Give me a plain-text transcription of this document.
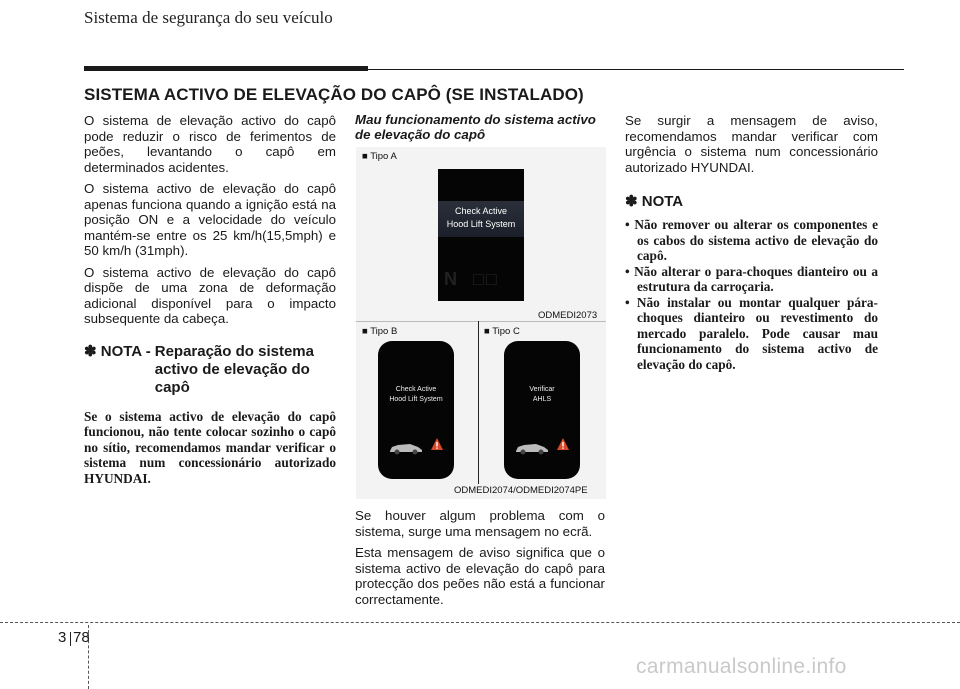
Sistema de segurança do seu veículo
SISTEMA ACTIVO DE ELEVAÇÃO DO CAPÔ (SE INSTALADO)

O sistema de elevação activo do capô pode reduzir o risco de ferimentos de peões, levantando o capô em determinados acidentes.

O sistema activo de elevação do capô apenas funciona quando a ignição está na posição ON e a velocidade do veículo mantém-se entre os 25 km/h(15,5mph) e 50 km/h (31mph).

O sistema activo de elevação do capô dispõe de uma zona de deformação adicional disponível para o impacto subsequente da cabeça.

✽ NOTA - Reparação do sistema activo de elevação do capô
Se o sistema activo de elevação do capô funcionou, não tente colocar sozinho o capô no sítio, recomendamos mandar verificar o sistema num concessionário autorizado HYUNDAI.
Mau funcionamento do sistema activo de elevação do capô
■ Tipo A
Check Active
Hood Lift System
N  □□
ODMEDI2073
■ Tipo B
Check Active
Hood Lift System
■ Tipo C
Verificar
AHLS
ODMEDI2074/ODMEDI2074PE

Se houver algum problema com o sistema, surge uma mensagem no ecrã.

Esta mensagem de aviso significa que o sistema activo de elevação do capô para protecção dos peões não está a funcionar correctamente.

Se surgir a mensagem de aviso, recomendamos mandar verificar com urgência o sistema num concessionário autorizado HYUNDAI.

✽ NOTA
• Não remover ou alterar os componentes e os cabos do sistema activo de elevação do capô.
• Não alterar o para-choques dianteiro ou a estrutura da carroçaria.
• Não instalar ou montar qualquer pára-choques dianteiro ou revestimento do mercado paralelo. Pode causar mau funcionamento do sistema activo de elevação do capô.
3 78
carmanualsonline.info
